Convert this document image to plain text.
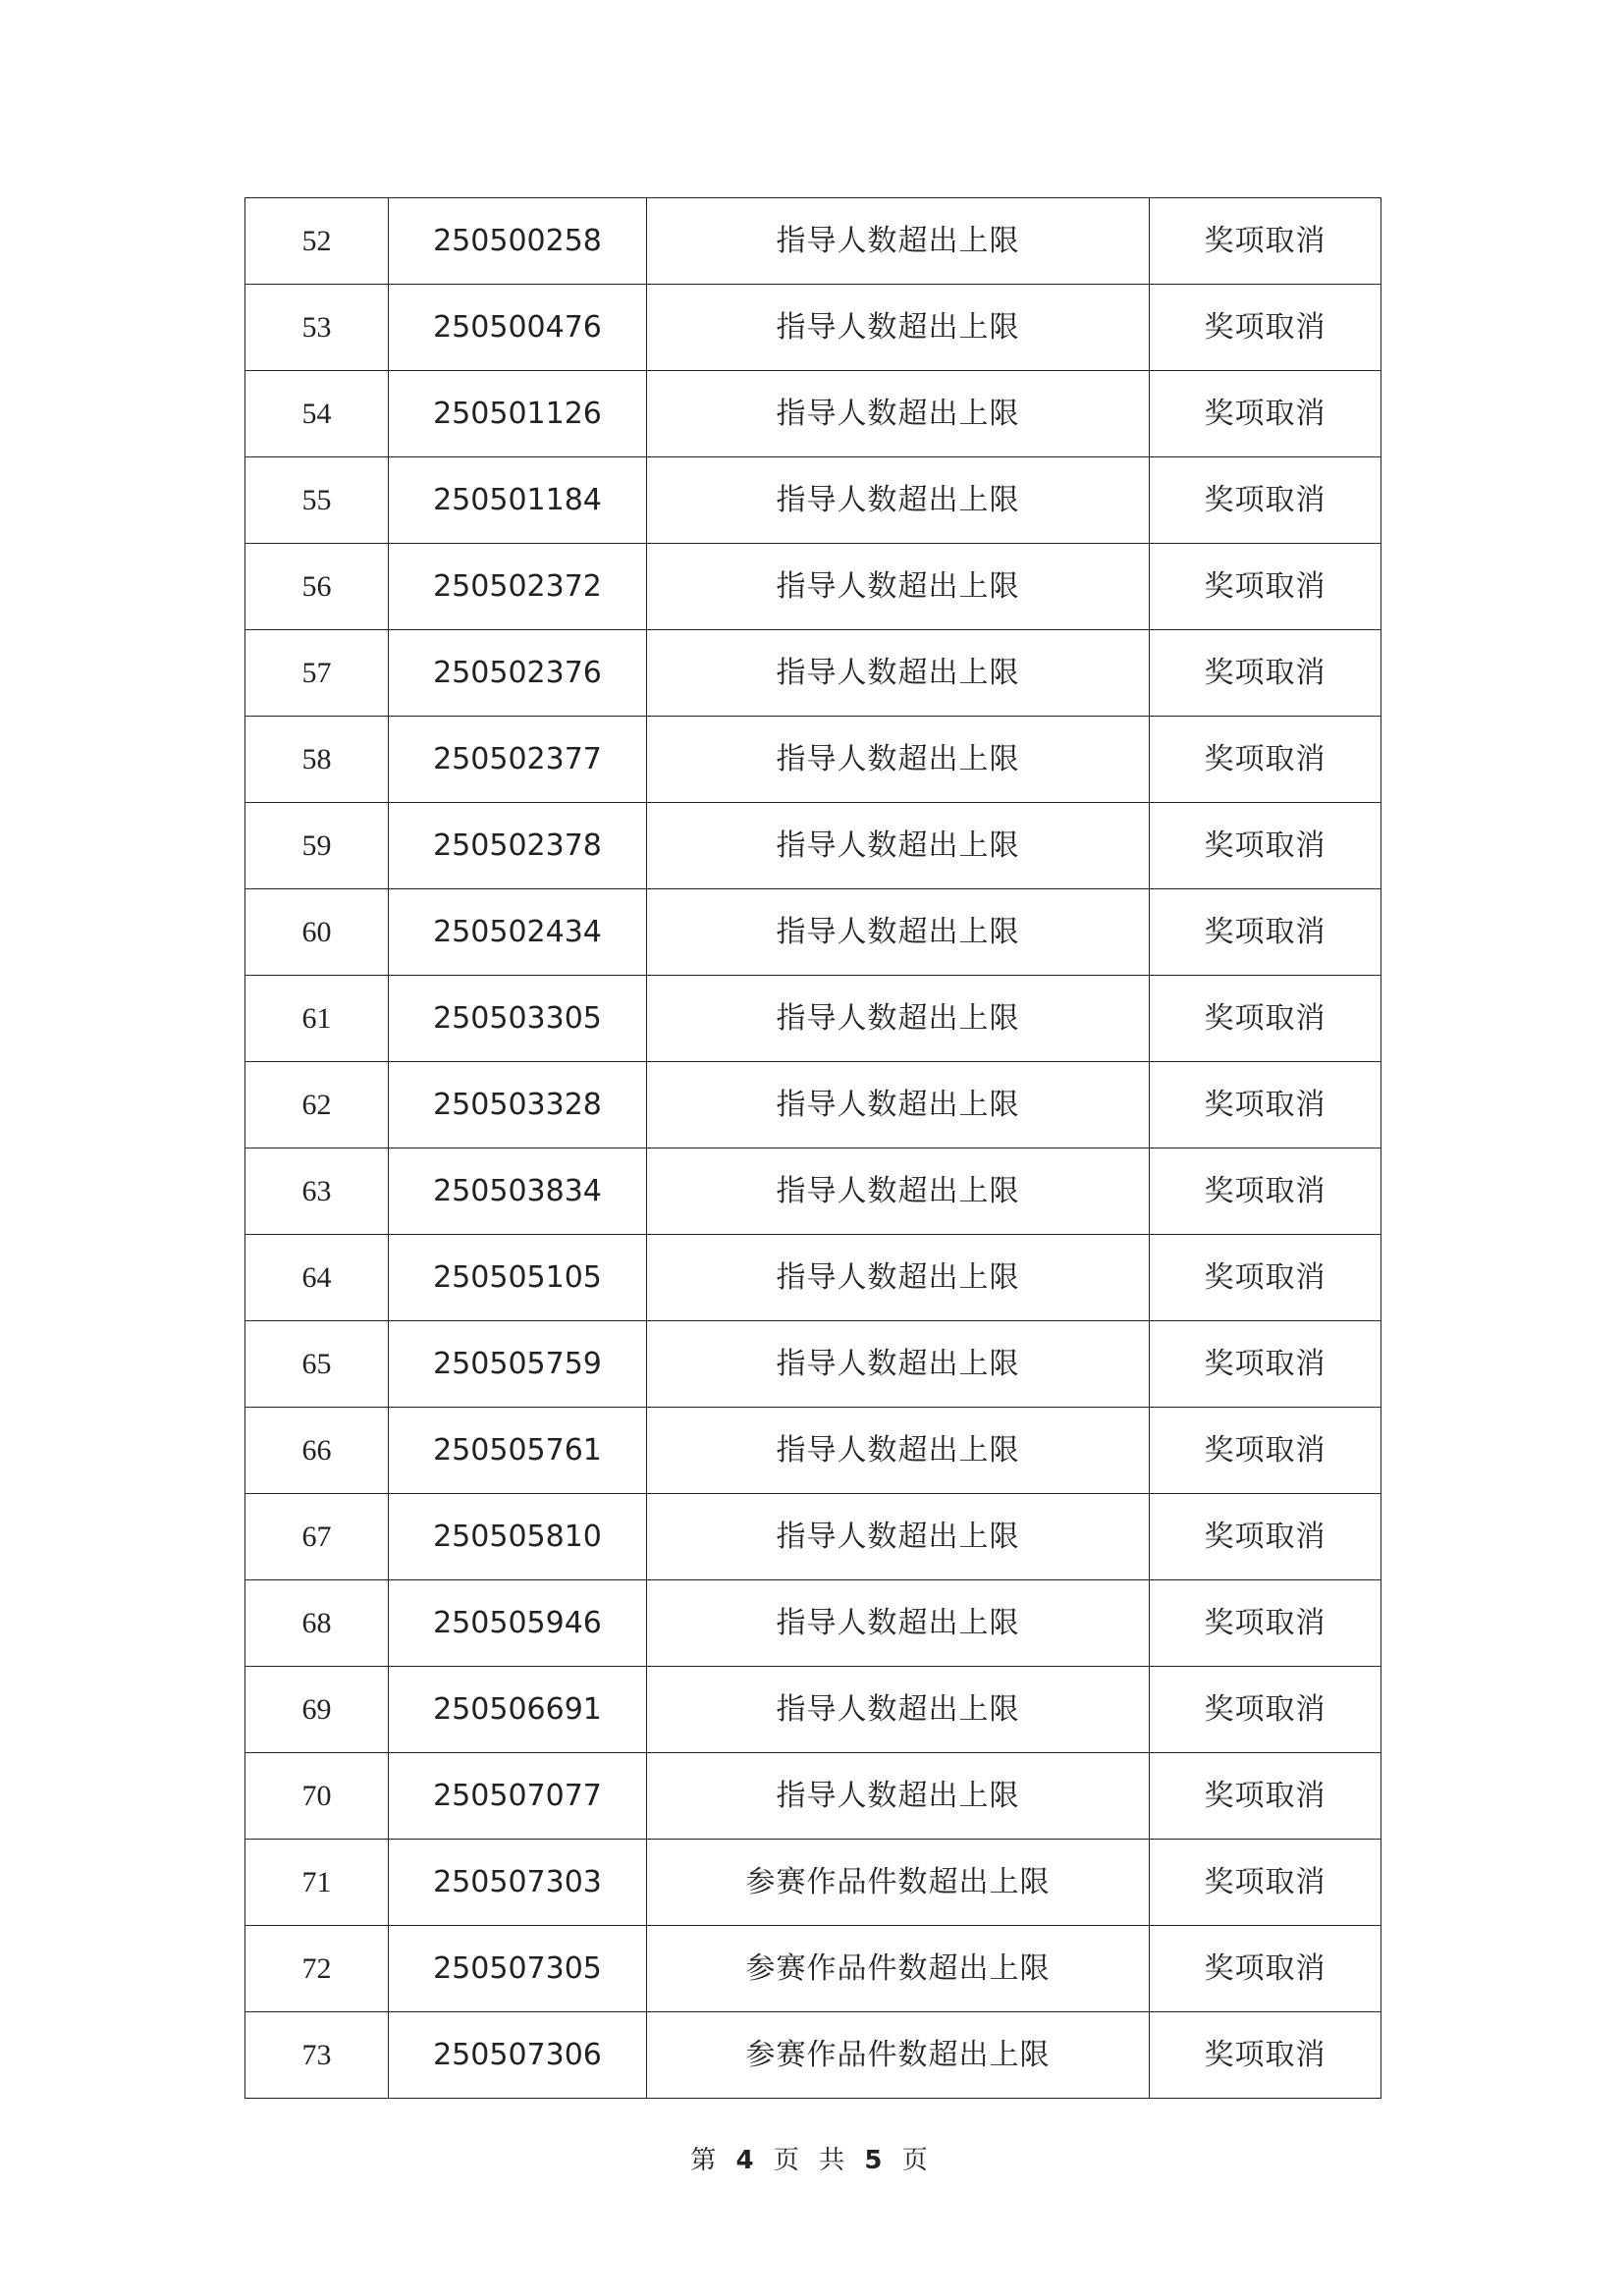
52	250500258	指导人数超出上限	奖项取消
53	250500476	指导人数超出上限	奖项取消
54	250501126	指导人数超出上限	奖项取消
55	250501184	指导人数超出上限	奖项取消
56	250502372	指导人数超出上限	奖项取消
57	250502376	指导人数超出上限	奖项取消
58	250502377	指导人数超出上限	奖项取消
59	250502378	指导人数超出上限	奖项取消
60	250502434	指导人数超出上限	奖项取消
61	250503305	指导人数超出上限	奖项取消
62	250503328	指导人数超出上限	奖项取消
63	250503834	指导人数超出上限	奖项取消
64	250505105	指导人数超出上限	奖项取消
65	250505759	指导人数超出上限	奖项取消
66	250505761	指导人数超出上限	奖项取消
67	250505810	指导人数超出上限	奖项取消
68	250505946	指导人数超出上限	奖项取消
69	250506691	指导人数超出上限	奖项取消
70	250507077	指导人数超出上限	奖项取消
71	250507303	参赛作品件数超出上限	奖项取消
72	250507305	参赛作品件数超出上限	奖项取消
73	250507306	参赛作品件数超出上限	奖项取消
第 4 页 共 5 页
